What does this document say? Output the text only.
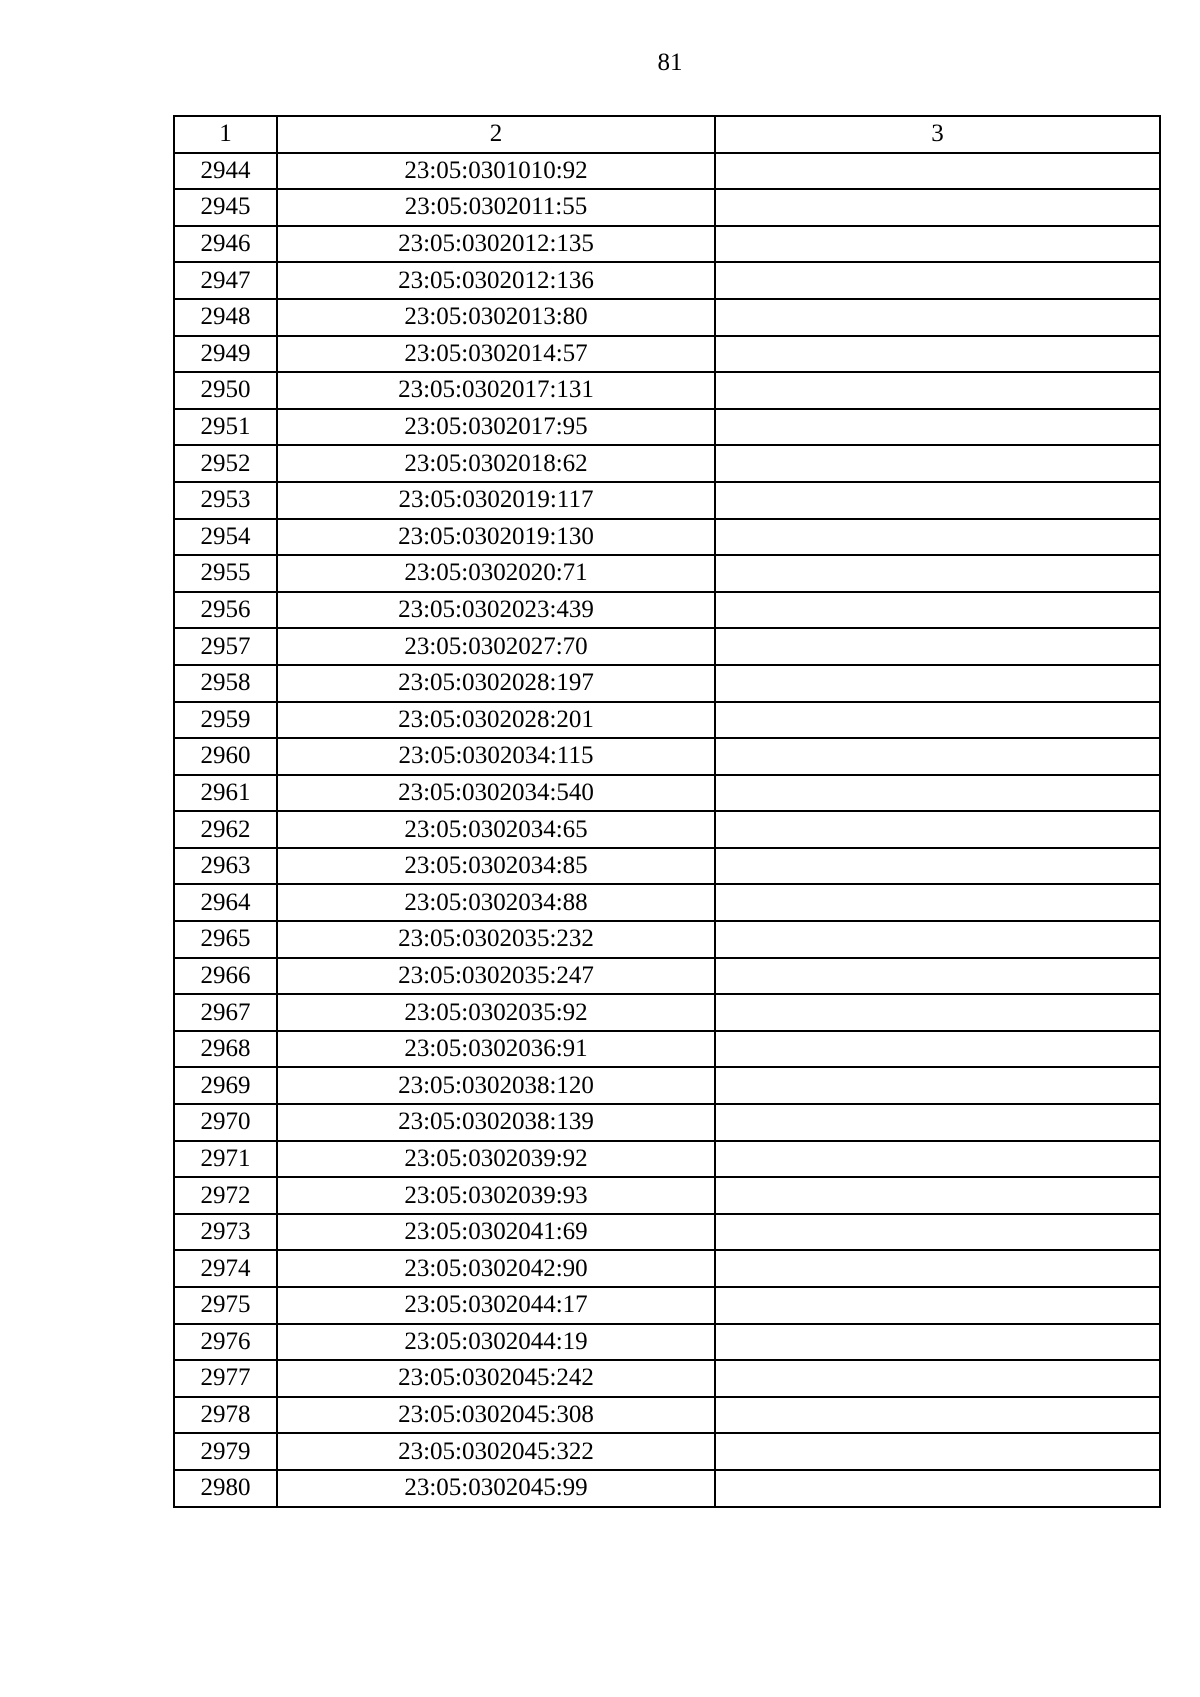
81
1	2	3
2944	23:05:0301010:92	
2945	23:05:0302011:55	
2946	23:05:0302012:135	
2947	23:05:0302012:136	
2948	23:05:0302013:80	
2949	23:05:0302014:57	
2950	23:05:0302017:131	
2951	23:05:0302017:95	
2952	23:05:0302018:62	
2953	23:05:0302019:117	
2954	23:05:0302019:130	
2955	23:05:0302020:71	
2956	23:05:0302023:439	
2957	23:05:0302027:70	
2958	23:05:0302028:197	
2959	23:05:0302028:201	
2960	23:05:0302034:115	
2961	23:05:0302034:540	
2962	23:05:0302034:65	
2963	23:05:0302034:85	
2964	23:05:0302034:88	
2965	23:05:0302035:232	
2966	23:05:0302035:247	
2967	23:05:0302035:92	
2968	23:05:0302036:91	
2969	23:05:0302038:120	
2970	23:05:0302038:139	
2971	23:05:0302039:92	
2972	23:05:0302039:93	
2973	23:05:0302041:69	
2974	23:05:0302042:90	
2975	23:05:0302044:17	
2976	23:05:0302044:19	
2977	23:05:0302045:242	
2978	23:05:0302045:308	
2979	23:05:0302045:322	
2980	23:05:0302045:99	
